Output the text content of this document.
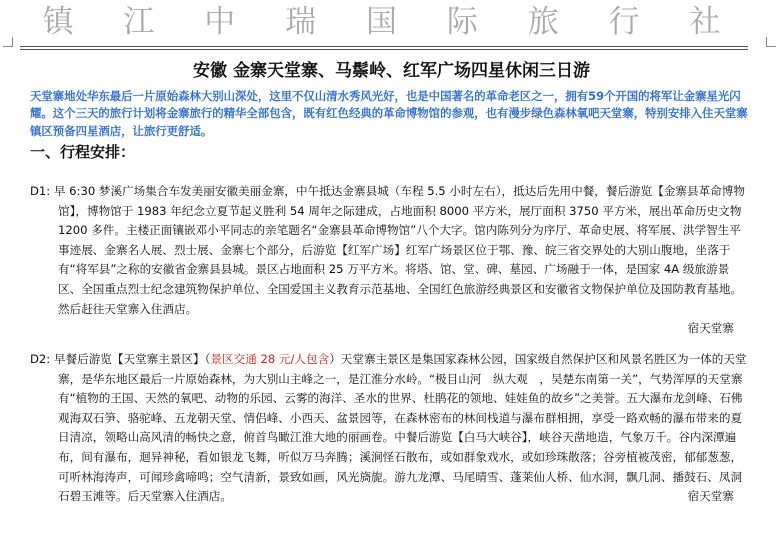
镇 江 中 瑞 国 际 旅 行 社
安徽 金寨天堂寨、马鬃岭、红军广场四星休闲三日游

天堂寨地处华东最后一片原始森林大别山深处，这里不仅山清水秀风光好，也是中国著名的革命老区之一，拥有59个开国的将军让金寨星光闪耀。这个三天的旅行计划将金寨旅行的精华全部包含，既有红色经典的革命博物馆的参观，也有漫步绿色森林氧吧天堂寨，特别安排入住天堂寨镇区预备四星酒店，让旅行更舒适。

一、行程安排：

D1: 早 6:30 梦溪广场集合车发美丽安徽美丽金寨，中午抵达金寨县城（车程 5.5 小时左右），抵达后先用中餐，餐后游览【金寨县革命博物馆】，博物馆于 1983 年纪念立夏节起义胜利 54 周年之际建成，占地面积 8000 平方米，展厅面积 3750 平方米，展出革命历史文物 1200 多件。主楼正面镶嵌邓小平同志的亲笔题名“金寨县革命博物馆”八个大字。馆内陈列分为序厅、革命史展、将军展、洪学智生平事迹展、金寨名人展、烈士展、金寨七个部分，后游览【红军广场】红军广场景区位于鄂、豫、皖三省交界处的大别山腹地，坐落于有“将军县”之称的安徽省金寨县县城。景区占地面积 25 万平方米。将塔、馆、堂、碑、墓园、广场融于一体，是国家 4A 级旅游景区、全国重点烈士纪念建筑物保护单位、全国爱国主义教育示范基地、全国红色旅游经典景区和安徽省文物保护单位及国防教育基地。然后赶往天堂寨入住酒店。

宿天堂寨

D2: 早餐后游览【天堂寨主景区】（景区交通 28 元/人包含）天堂寨主景区是集国家森林公园，国家级自然保护区和风景名胜区为一体的天堂寨，是华东地区最后一片原始森林，为大别山主峰之一，是江淮分水岭。“极目山河　纵大观　，吴楚东南第一关”，气势浑厚的天堂寨有“植物的王国、天然的氧吧、动物的乐园、云雾的海洋、圣水的世界、杜鹃花的领地、娃娃鱼的故乡”之美誉。五大瀑布龙剑峰、石佛观海双石笋、骆驼峰、五龙朝天堂、情侣峰、小西天、盆景园等，在森林密布的林间栈道与瀑布群相拥，享受一路欢畅的瀑布带来的夏日清凉，领略山高风清的畅快之意，俯首鸟瞰江淮大地的丽画卷。中餐后游览【白马大峡谷】，峡谷天凿地造，气象万千。谷内深潭遍布，间有瀑布，迴异神秘，看如银龙飞舞，听似万马奔腾；溪涧怪石散布，或如群象戏水，或如珍珠散落；谷旁植被茂密，郁郁葱葱，可听林海涛声，可闻珍禽啼鸣；空气清新，景致如画，风光旖旎。游九龙潭、马尾晴雪、蓬莱仙人桥、仙水洞，飘几洞、播鼓石、凤洞石碧玉滩等。后天堂寨入住酒店。	宿天堂寨
